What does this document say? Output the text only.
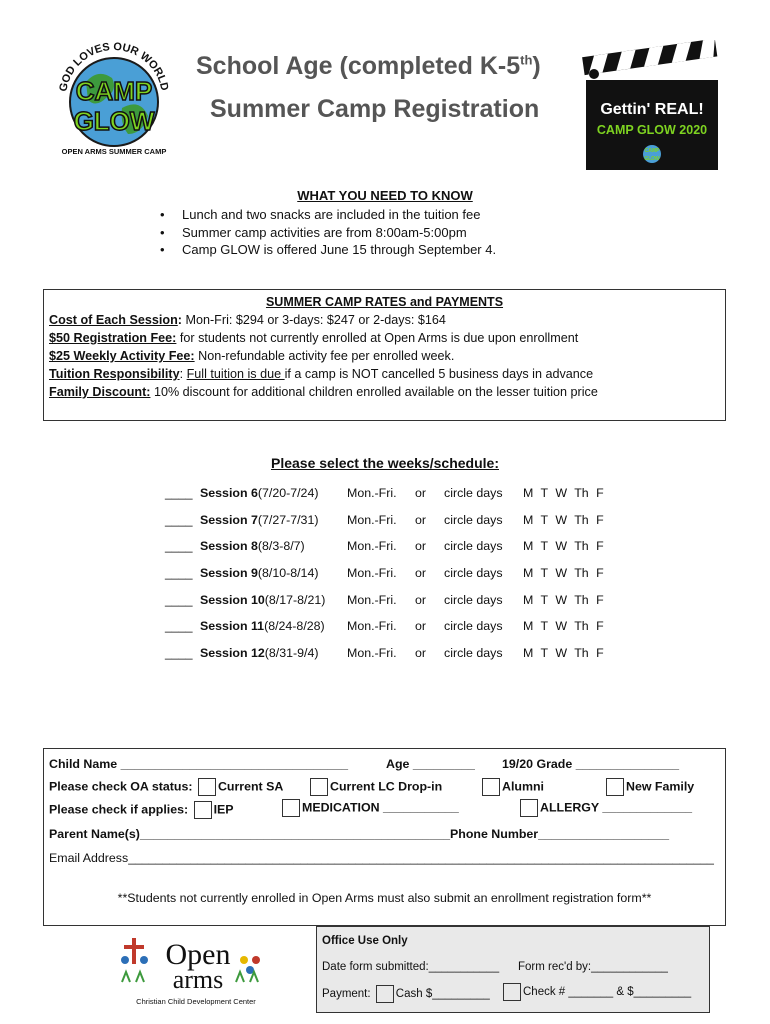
GOD LOVES OUR WORLD
CAMP
GLOW
OPEN ARMS SUMMER CAMP
School Age (completed K-5th)
Summer Camp Registration	Gettin' REAL!
CAMP GLOW 2020
CAMP
GLOW
WHAT YOU NEED TO KNOW
• Lunch and two snacks are included in the tuition fee
• Summer camp activities are from 8:00am-5:00pm
• Camp GLOW is offered June 15 through September 4.
SUMMER CAMP RATES and PAYMENTS
Cost of Each Session: Mon-Fri: $294 or 3-days: $247 or 2-days: $164
$50 Registration Fee: for students not currently enrolled at Open Arms is due upon enrollment
$25 Weekly Activity Fee: Non-refundable activity fee per enrolled week.
Tuition Responsibility: Full tuition is due if a camp is NOT cancelled 5 business days in advance
Family Discount: 10% discount for additional children enrolled available on the lesser tuition price
Please select the weeks/schedule:
____ Session 6 (7/20-7/24) Mon.-Fri. or circle days M T W Th F
____ Session 7 (7/27-7/31) Mon.-Fri. or circle days M T W Th F
____ Session 8 (8/3-8/7)	Mon.-Fri. or circle days M T W Th F
____ Session 9 (8/10-8/14) Mon.-Fri. or circle days M T W Th F
____ Session 10 (8/17-8/21) Mon.-Fri. or circle days M T W Th F
____ Session 11 (8/24-8/28) Mon.-Fri. or circle days M T W Th F
____ Session 12 (8/31-9/4) Mon.-Fri. or circle days M T W Th F
Child Name _________________________________	Age _________ 19/20 Grade _______________
Please check OA status: Current SA	Current LC Drop-in	Alumni	New Family
Please check if applies: IEP	MEDICATION ___________	ALLERGY _____________
Parent Name(s)_____________________________________________ Phone Number___________________
Email Address_____________________________________________________________________________________
**Students not currently enrolled in Open Arms must also submit an enrollment registration form**
Open
arms
Christian Child Development Center
Office Use Only
Date form submitted:___________ Form rec'd by:____________
Payment: Cash $_________	Check # _______ & $_________
